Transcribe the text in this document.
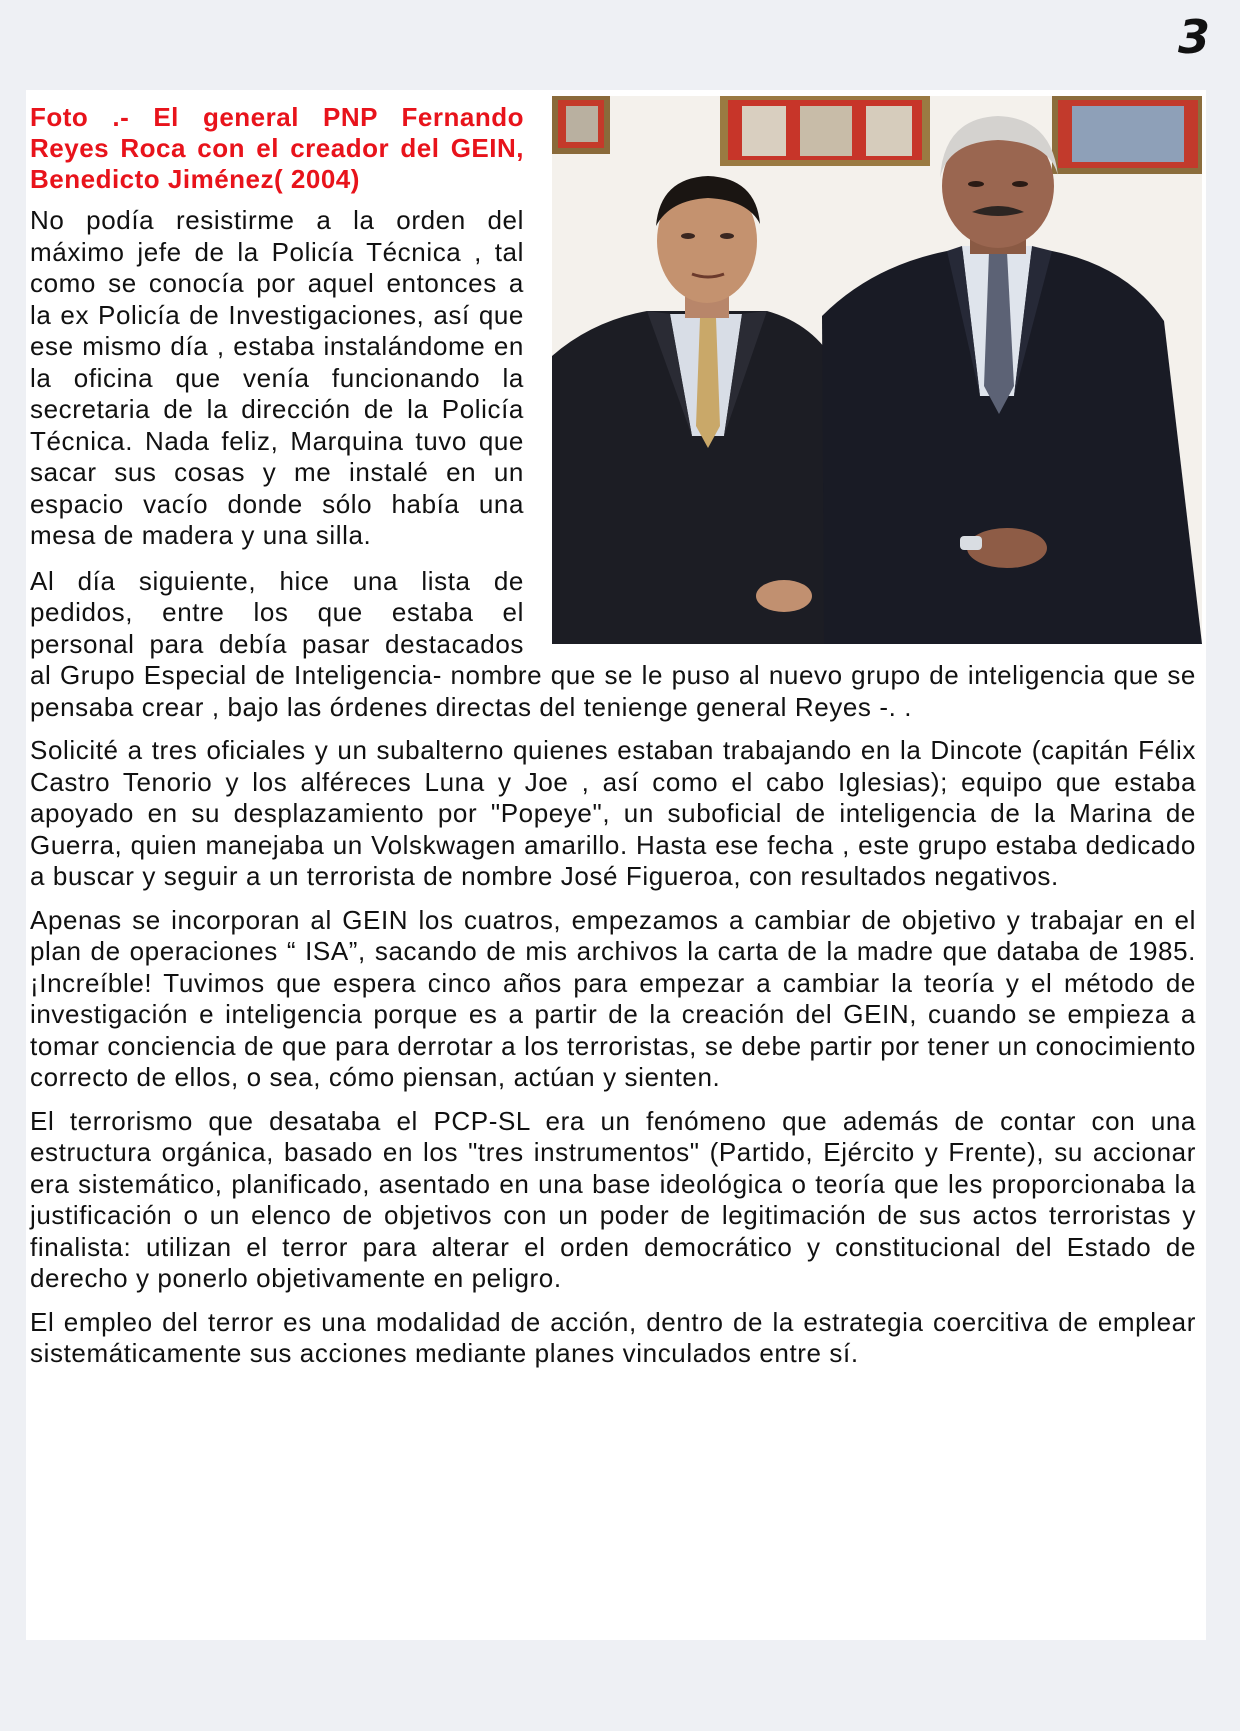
3
Foto .- El general PNP Fernando Reyes Roca con el creador del GEIN, Benedicto Jiménez( 2004)

No podía resistirme a la orden del máximo jefe de la Policía Técnica , tal como se conocía por aquel entonces a la ex Policía de Investigaciones, así que ese mismo día , estaba instalándome en la oficina que venía funcionando la secretaria de la dirección de la Policía Técnica. Nada feliz, Marquina tuvo que sacar sus cosas y me instalé en un espacio vacío donde sólo había una mesa de madera y una silla.

Al día siguiente, hice una lista de pedidos, entre los que estaba el personal para debía pasar destacados al Grupo Especial de Inteligencia- nombre que se le puso al nuevo grupo de inteligencia que se pensaba crear , bajo las órdenes directas del tenienge general Reyes -. .

Solicité a tres oficiales y un subalterno quienes estaban trabajando en la Dincote (capitán Félix Castro Tenorio y los alféreces Luna y Joe , así como el cabo Iglesias); equipo que estaba apoyado en su desplazamiento por "Popeye", un suboficial de inteligencia de la Marina de Guerra, quien manejaba un Volskwagen amarillo. Hasta ese fecha , este grupo estaba dedicado a buscar y seguir a un terrorista de nombre José Figueroa, con resultados negativos.

Apenas se incorporan al GEIN los cuatros, empezamos a cambiar de objetivo y trabajar en el plan de operaciones “ ISA”, sacando de mis archivos la carta de la madre que databa de 1985. ¡Increíble! Tuvimos que espera cinco años para empezar a cambiar la teoría y el método de investigación e inteligencia porque es a partir de la creación del GEIN, cuando se empieza a tomar conciencia de que para derrotar a los terroristas, se debe partir por tener un conocimiento correcto de ellos, o sea, cómo piensan, actúan y sienten.

El terrorismo que desataba el PCP-SL era un fenómeno que además de contar con una estructura orgánica, basado en los "tres instrumentos" (Partido, Ejército y Frente), su accionar era sistemático, planificado, asentado en una base ideológica o teoría que les proporcionaba la justificación o un elenco de objetivos con un poder de legitimación de sus actos terroristas y finalista: utilizan el terror para alterar el orden democrático y constitucional del Estado de derecho y ponerlo objetivamente en peligro.

El empleo del terror es una modalidad de acción, dentro de la estrategia coercitiva de emplear sistemáticamente sus acciones mediante planes vinculados entre sí.
